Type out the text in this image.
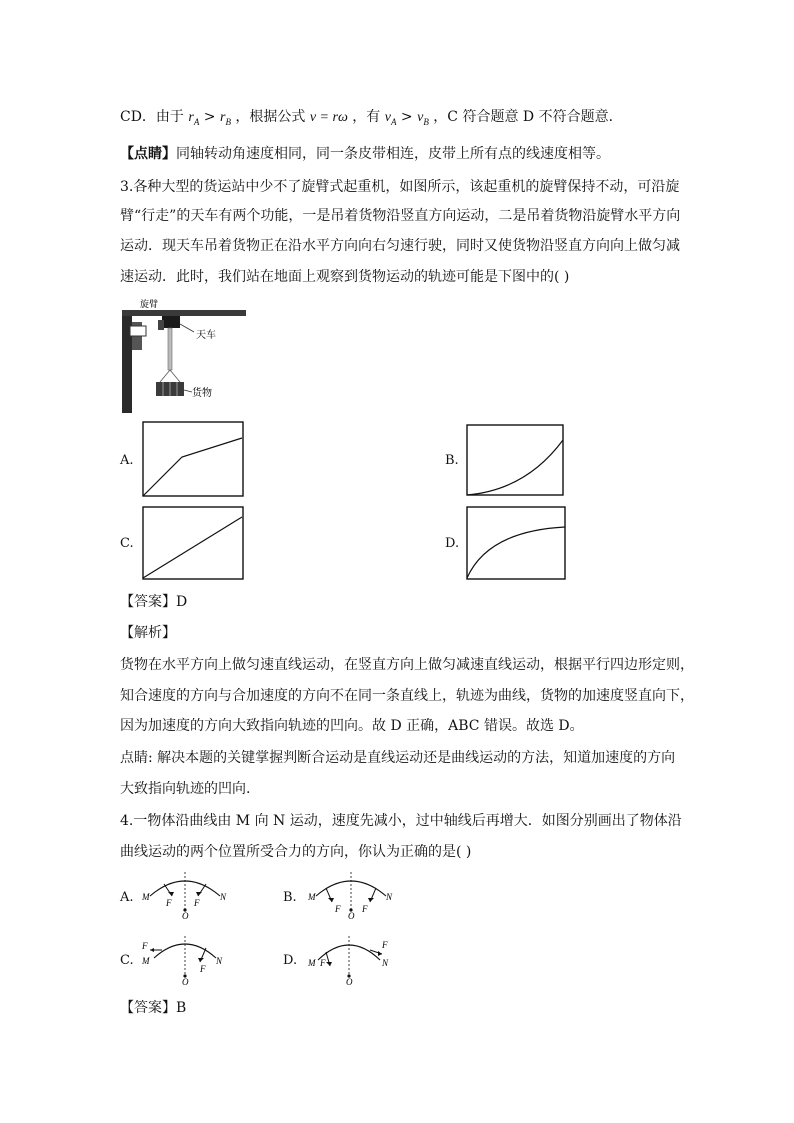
CD．由于 $r_A > r_B$ ，根据公式 v = rω ，有 $v_A > v_B$ ，C 符合题意 D 不符合题意．
【点睛】同轴转动角速度相同，同一条皮带相连，皮带上所有点的线速度相等。
3.各种大型的货运站中少不了旋臂式起重机，如图所示，该起重机的旋臂保持不动，可沿旋
臂“行走”的天车有两个功能，一是吊着货物沿竖直方向运动，二是吊着货物沿旋臂水平方向
运动．现天车吊着货物正在沿水平方向向右匀速行驶，同时又使货物沿竖直方向向上做匀减
速运动．此时，我们站在地面上观察到货物运动的轨迹可能是下图中的( )
旋臂
天车
货物
A.	B.
C.	D.
【答案】D
【解析】
货物在水平方向上做匀速直线运动，在竖直方向上做匀减速直线运动，根据平行四边形定则，
知合速度的方向与合加速度的方向不在同一条直线上，轨迹为曲线，货物的加速度竖直向下，
因为加速度的方向大致指向轨迹的凹向。故 D 正确，ABC 错误。故选 D。
点睛: 解决本题的关键掌握判断合运动是直线运动还是曲线运动的方法，知道加速度的方向
大致指向轨迹的凹向.
4.一物体沿曲线由 M 向 N 运动，速度先减小，过中轴线后再增大．如图分别画出了物体沿
曲线运动的两个位置所受合力的方向，你认为正确的是( )
A. M	N
F	F
O
B. M	N
F F
O
C.
F
M	N
F
O
D. M F
F
N
O
【答案】B
